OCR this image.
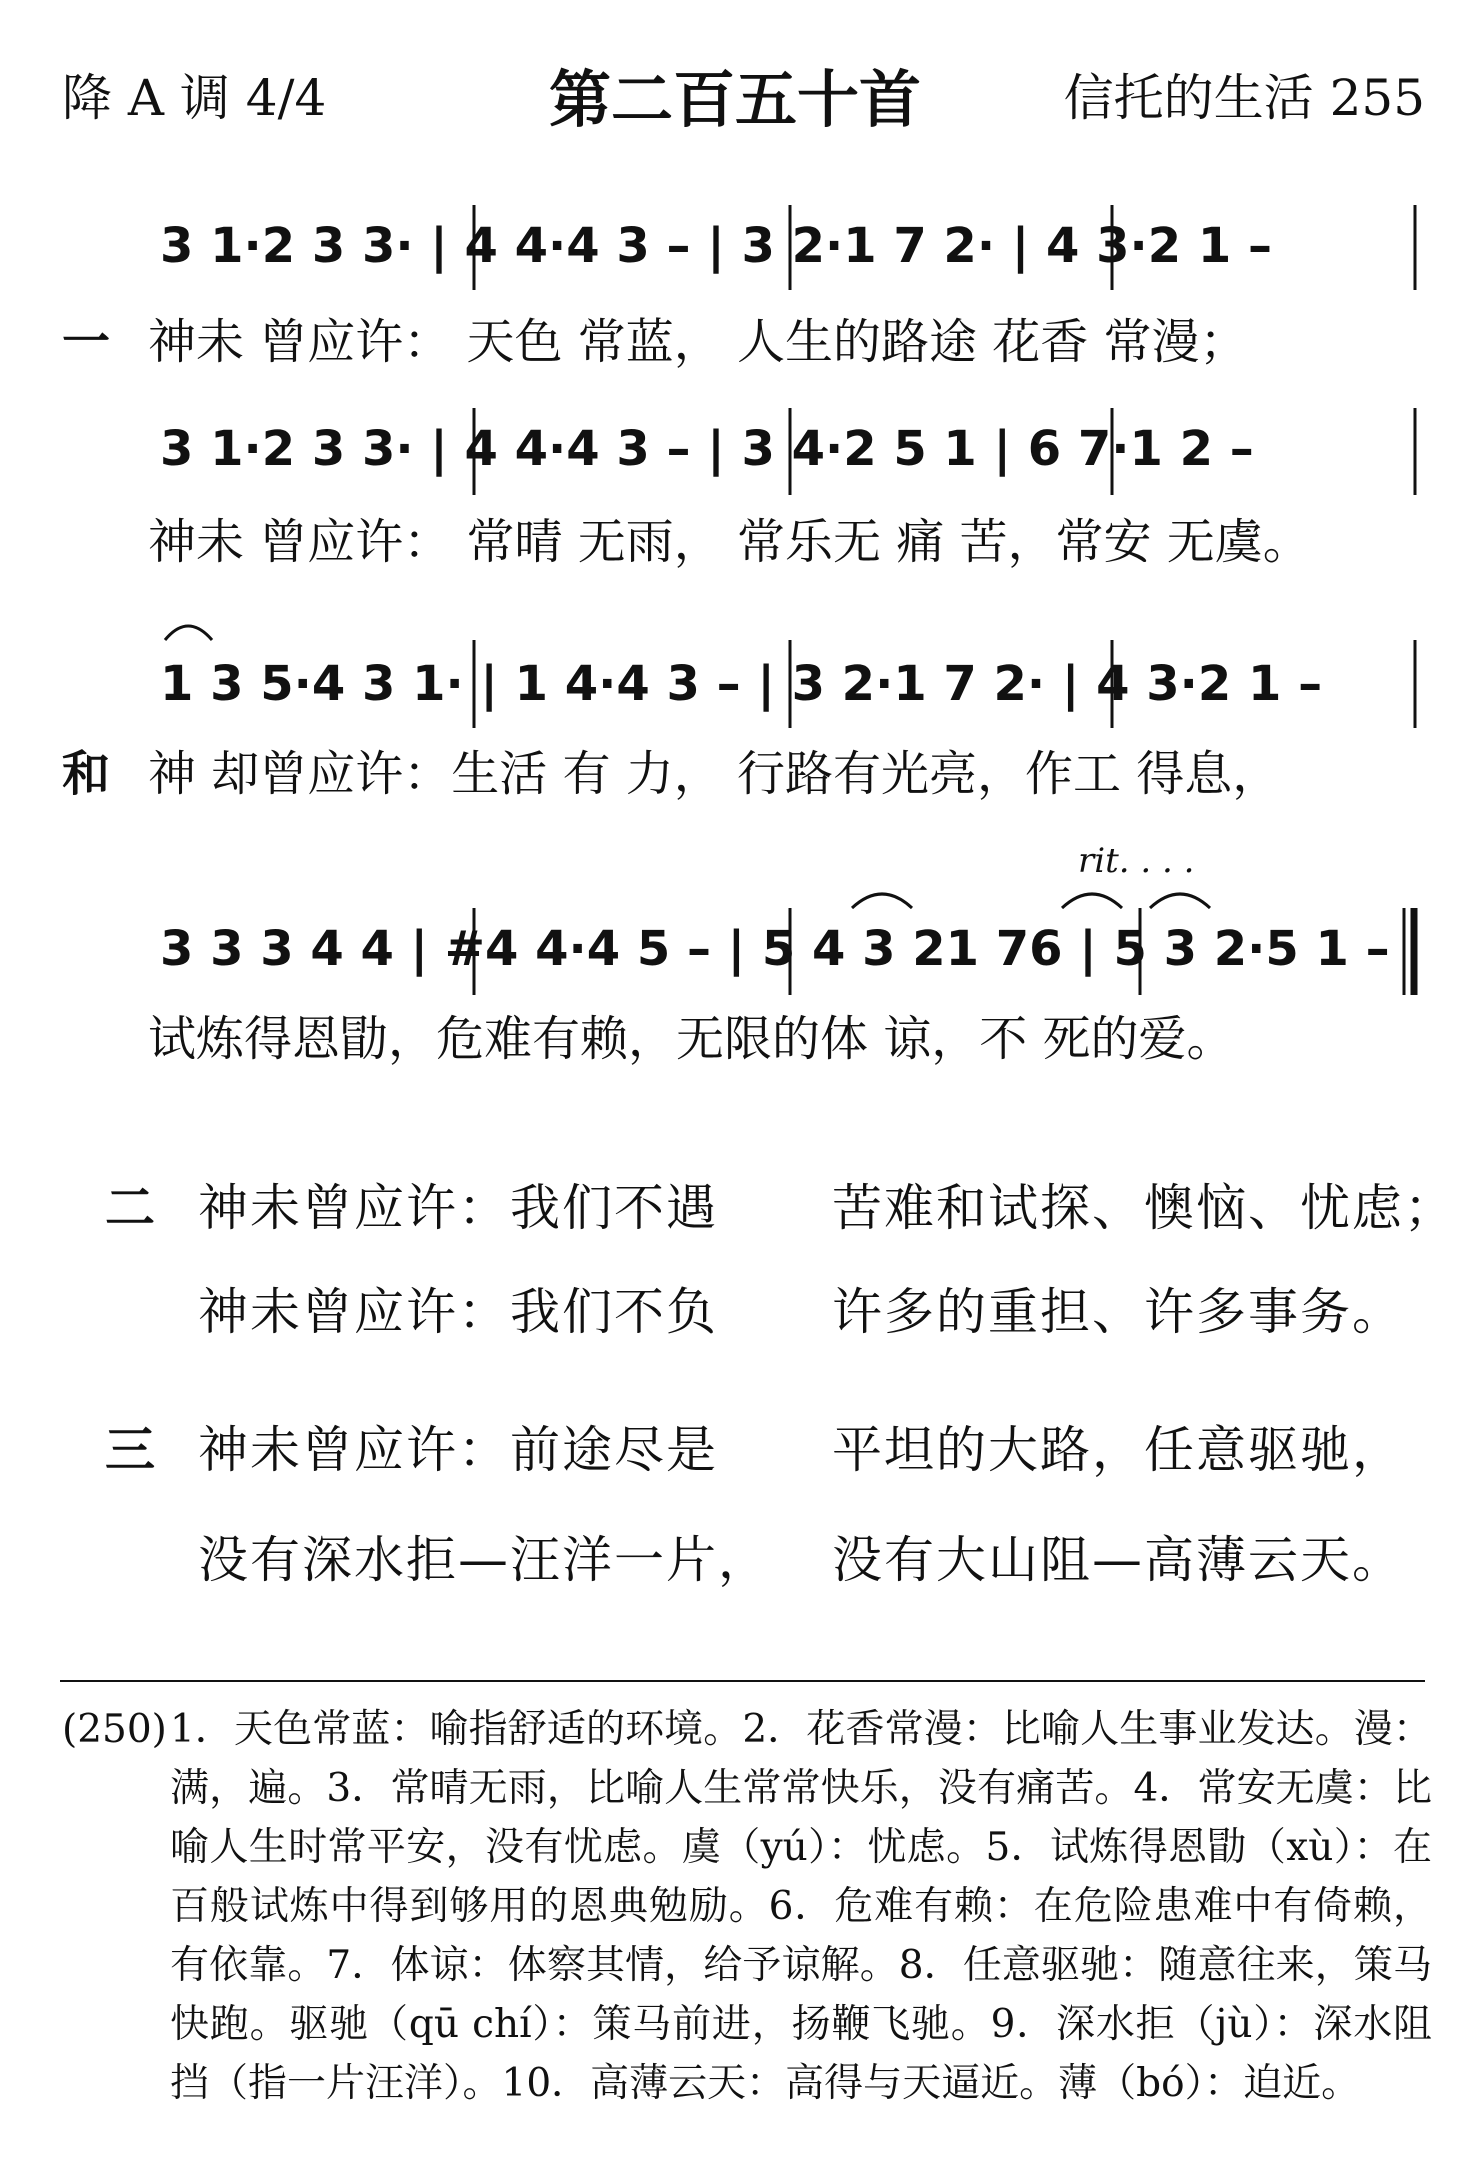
降 A 调 4/4	第二百五十首	信托的生活 255
3 1·2 3 3· | 4 4·4 3 – | 3 2·1 7 2· | 4 3·2 1 –
一 神未 曾应许： 天色 常蓝， 人生的路途 花香 常漫；
3 1·2 3 3· | 4 4·4 3 – | 3 4·2 5 1 | 6 7·1 2 –
神未 曾应许： 常晴 无雨， 常乐无 痛 苦，常安 无虞。
1 3 5·4 3 1· | 1 4·4 3 – | 3 2·1 7 2· | 4 3·2 1 –
和 神 却曾应许：生活 有 力， 行路有光亮，作工 得息，
rit. . . .
3 3 3 4 4 | #4 4·4 5 – | 5 4 3 21 76 | 5 3 2·5 1 –
试炼得恩勖，危难有赖，无限的体 谅，不 死的爱。
二 神未曾应许：我们不遇 苦难和试探、懊恼、忧虑；
神未曾应许：我们不负 许多的重担、许多事务。
三 神未曾应许：前途尽是 平坦的大路，任意驱驰，
没有深水拒—汪洋一片， 没有大山阻—高薄云天。
(250) 1．天色常蓝：喻指舒适的环境。2．花香常漫：比喻人生事业发达。漫：满，遍。3．常晴无雨，比喻人生常常快乐，没有痛苦。4．常安无虞：比喻人生时常平安，没有忧虑。虞（yú）：忧虑。5．试炼得恩勖（xù）：在百般试炼中得到够用的恩典勉励。6．危难有赖：在危险患难中有倚赖，有依靠。7．体谅：体察其情，给予谅解。8．任意驱驰：随意往来，策马快跑。驱驰（qū chí）：策马前进，扬鞭飞驰。9．深水拒（jù）：深水阻挡（指一片汪洋）。10．高薄云天：高得与天逼近。薄（bó）：迫近。
